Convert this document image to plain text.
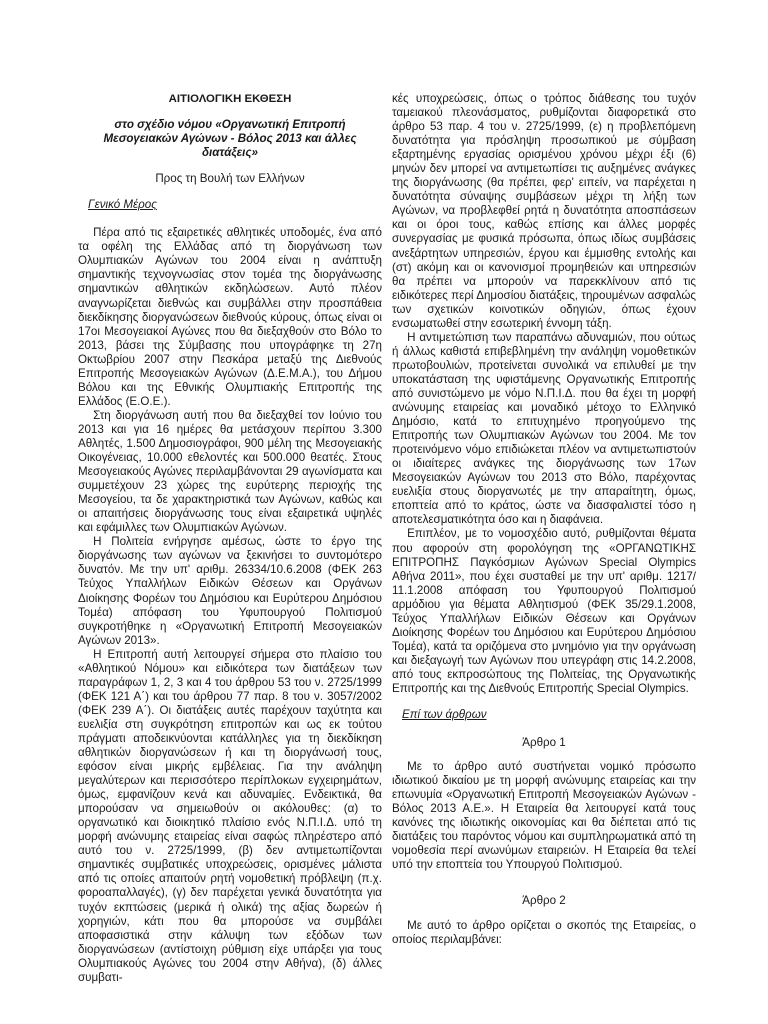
ΑΙΤΙΟΛΟΓΙΚΗ ΕΚΘΕΣΗ

στο σχέδιο νόμου «Οργανωτική Επιτροπή Μεσογειακών Αγώνων - Βόλος 2013 και άλλες διατάξεις»

Προς τη Βουλή των Ελλήνων

Γενικό Μέρος

Πέρα από τις εξαιρετικές αθλητικές υποδομές, ένα από τα οφέλη της Ελλάδας από τη διοργάνωση των Ολυμπιακών Αγώνων του 2004 είναι η ανάπτυξη σημαντικής τεχνογνωσίας στον τομέα της διοργάνωσης σημαντικών αθλητικών εκδηλώσεων. Αυτό πλέον αναγνωρίζεται διεθνώς και συμβάλλει στην προσπάθεια διεκδίκησης διοργανώσεων διεθνούς κύρους, όπως είναι οι 17οι Μεσογειακοί Αγώνες που θα διεξαχθούν στο Βόλο το 2013, βάσει της Σύμβασης που υπογράφηκε τη 27η Οκτωβρίου 2007 στην Πεσκάρα μεταξύ της Διεθνούς Επιτροπής Μεσογειακών Αγώνων (Δ.Ε.Μ.Α.), του Δήμου Βόλου και της Εθνικής Ολυμπιακής Επιτροπής της Ελλάδος (Ε.Ο.Ε.).

Στη διοργάνωση αυτή που θα διεξαχθεί τον Ιούνιο του 2013 και για 16 ημέρες θα μετάσχουν περίπου 3.300 Αθλητές, 1.500 Δημοσιογράφοι, 900 μέλη της Μεσογειακής Οικογένειας, 10.000 εθελοντές και 500.000 θεατές. Στους Μεσογειακούς Αγώνες περιλαμβάνονται 29 αγωνίσματα και συμμετέχουν 23 χώρες της ευρύτερης περιοχής της Μεσογείου, τα δε χαρακτηριστικά των Αγώνων, καθώς και οι απαιτήσεις διοργάνωσης τους είναι εξαιρετικά υψηλές και εφάμιλλες των Ολυμπιακών Αγώνων.

Η Πολιτεία ενήργησε αμέσως, ώστε το έργο της διοργάνωσης των αγώνων να ξεκινήσει το συντομότερο δυνατόν. Με την υπ' αριθμ. 26334/10.6.2008 (ΦΕΚ 263 Τεύχος Υπαλλήλων Ειδικών Θέσεων και Οργάνων Διοίκησης Φορέων του Δημόσιου και Ευρύτερου Δημόσιου Τομέα) απόφαση του Υφυπουργού Πολιτισμού συγκροτήθηκε η «Οργανωτική Επιτροπή Μεσογειακών Αγώνων 2013».

Η Επιτροπή αυτή λειτουργεί σήμερα στο πλαίσιο του «Αθλητικού Νόμου» και ειδικότερα των διατάξεων των παραγράφων 1, 2, 3 και 4 του άρθρου 53 του ν. 2725/1999 (ΦΕΚ 121 Α΄) και του άρθρου 77 παρ. 8 του ν. 3057/2002 (ΦΕΚ 239 Α΄). Οι διατάξεις αυτές παρέχουν ταχύτητα και ευελιξία στη συγκρότηση επιτροπών και ως εκ τούτου πράγματι αποδεικνύονται κατάλληλες για τη διεκδίκηση αθλητικών διοργανώσεων ή και τη διοργάνωσή τους, εφόσον είναι μικρής εμβέλειας. Για την ανάληψη μεγαλύτερων και περισσότερο περίπλοκων εγχειρημάτων, όμως, εμφανίζουν κενά και αδυναμίες. Ενδεικτικά, θα μπορούσαν να σημειωθούν οι ακόλουθες: (α) το οργανωτικό και διοικητικό πλαίσιο ενός Ν.Π.Ι.Δ. υπό τη μορφή ανώνυμης εταιρείας είναι σαφώς πληρέστερο από αυτό του ν. 2725/1999, (β) δεν αντιμετωπίζονται σημαντικές συμβατικές υποχρεώσεις, ορισμένες μάλιστα από τις οποίες απαιτούν ρητή νομοθετική πρόβλεψη (π.χ. φοροαπαλλαγές), (γ) δεν παρέχεται γενικά δυνατότητα για τυχόν εκπτώσεις (μερικά ή ολικά) της αξίας δωρεών ή χορηγιών, κάτι που θα μπορούσε να συμβάλει αποφασιστικά στην κάλυψη των εξόδων των διοργανώσεων (αντίστοιχη ρύθμιση είχε υπάρξει για τους Ολυμπιακούς Αγώνες του 2004 στην Αθήνα), (δ) άλλες συμβατι-

κές υποχρεώσεις, όπως ο τρόπος διάθεσης του τυχόν ταμειακού πλεονάσματος, ρυθμίζονται διαφορετικά στο άρθρο 53 παρ. 4 του ν. 2725/1999, (ε) η προβλεπόμενη δυνατότητα για πρόσληψη προσωπικού με σύμβαση εξαρτημένης εργασίας ορισμένου χρόνου μέχρι έξι (6) μηνών δεν μπορεί να αντιμετωπίσει τις αυξημένες ανάγκες της διοργάνωσης (θα πρέπει, φερ' ειπείν, να παρέχεται η δυνατότητα σύναψης συμβάσεων μέχρι τη λήξη των Αγώνων, να προβλεφθεί ρητά η δυνατότητα αποσπάσεων και οι όροι τους, καθώς επίσης και άλλες μορφές συνεργασίας με φυσικά πρόσωπα, όπως ιδίως συμβάσεις ανεξάρτητων υπηρεσιών, έργου και έμμισθης εντολής και (στ) ακόμη και οι κανονισμοί προμηθειών και υπηρεσιών θα πρέπει να μπορούν να παρεκκλίνουν από τις ειδικότερες περί Δημοσίου διατάξεις, τηρουμένων ασφαλώς των σχετικών κοινοτικών οδηγιών, όπως έχουν ενσωματωθεί στην εσωτερική έννομη τάξη.

Η αντιμετώπιση των παραπάνω αδυναμιών, που ούτως ή άλλως καθιστά επιβεβλημένη την ανάληψη νομοθετικών πρωτοβουλιών, προτείνεται συνολικά να επιλυθεί με την υποκατάσταση της υφιστάμενης Οργανωτικής Επιτροπής από συνιστώμενο με νόμο Ν.Π.Ι.Δ. που θα έχει τη μορφή ανώνυμης εταιρείας και μοναδικό μέτοχο το Ελληνικό Δημόσιο, κατά το επιτυχημένο προηγούμενο της Επιτροπής των Ολυμπιακών Αγώνων του 2004. Με τον προτεινόμενο νόμο επιδιώκεται πλέον να αντιμετωπιστούν οι ιδιαίτερες ανάγκες της διοργάνωσης των 17ων Μεσογειακών Αγώνων του 2013 στο Βόλο, παρέχοντας ευελιξία στους διοργανωτές με την απαραίτητη, όμως, εποπτεία από το κράτος, ώστε να διασφαλιστεί τόσο η αποτελεσματικότητα όσο και η διαφάνεια.

Επιπλέον, με το νομοσχέδιο αυτό, ρυθμίζονται θέματα που αφορούν στη φορολόγηση της «ΟΡΓΑΝΩΤΙΚΗΣ ΕΠΙΤΡΟΠΗΣ Παγκόσμιων Αγώνων Special Olympics Αθήνα 2011», που έχει συσταθεί με την υπ' αριθμ. 1217/ 11.1.2008 απόφαση του Υφυπουργού Πολιτισμού αρμόδιου για θέματα Αθλητισμού (ΦΕΚ 35/29.1.2008, Τεύχος Υπαλλήλων Ειδικών Θέσεων και Οργάνων Διοίκησης Φορέων του Δημόσιου και Ευρύτερου Δημόσιου Τομέα), κατά τα οριζόμενα στο μνημόνιο για την οργάνωση και διεξαγωγή των Αγώνων που υπεγράφη στις 14.2.2008, από τους εκπροσώπους της Πολιτείας, της Οργανωτικής Επιτροπής και της Διεθνούς Επιτροπής Special Olympics.

Επί των άρθρων

Άρθρο 1

Με το άρθρο αυτό συστήνεται νομικό πρόσωπο ιδιωτικού δικαίου με τη μορφή ανώνυμης εταιρείας και την επωνυμία «Οργανωτική Επιτροπή Μεσογειακών Αγώνων - Βόλος 2013 Α.Ε.». Η Εταιρεία θα λειτουργεί κατά τους κανόνες της ιδιωτικής οικονομίας και θα διέπεται από τις διατάξεις του παρόντος νόμου και συμπληρωματικά από τη νομοθεσία περί ανωνύμων εταιρειών. Η Εταιρεία θα τελεί υπό την εποπτεία του Υπουργού Πολιτισμού.

Άρθρο 2

Με αυτό το άρθρο ορίζεται ο σκοπός της Εταιρείας, ο οποίος περιλαμβάνει:
